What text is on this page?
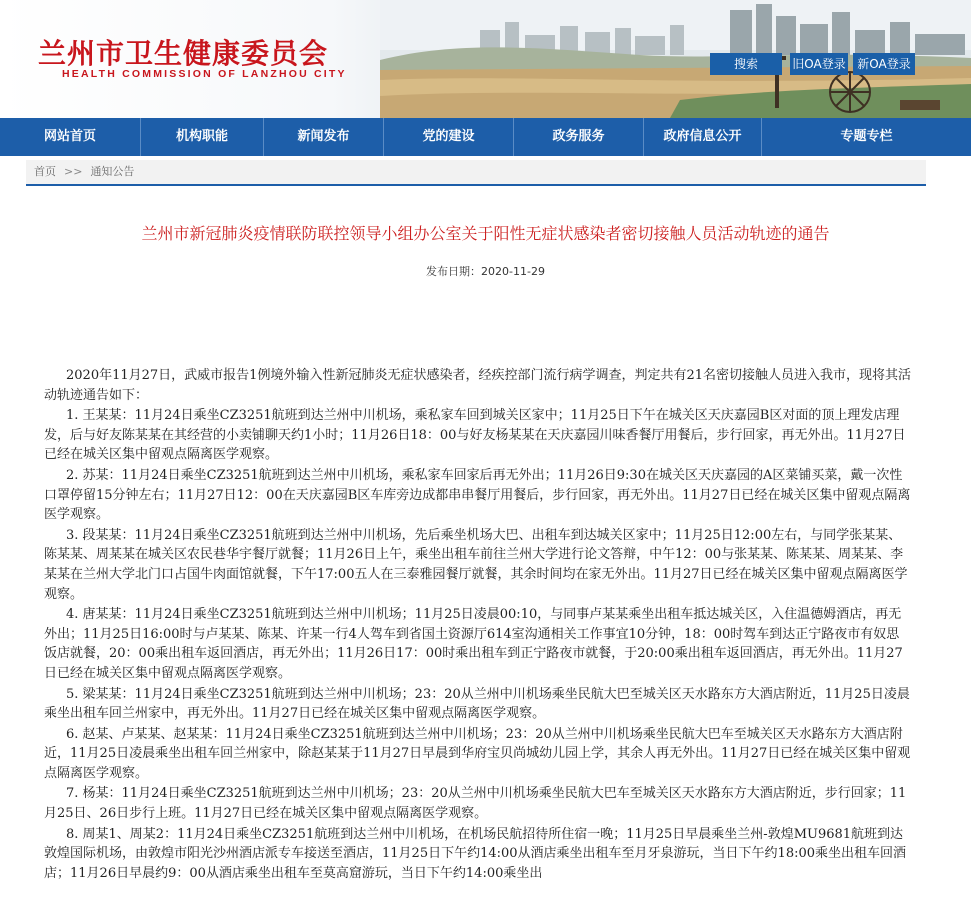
兰州市卫生健康委员会
HEALTH COMMISSION OF LANZHOU CITY
搜索	旧OA登录 新OA登录
网站首页	机构职能	新闻发布	党的建设	政务服务	政府信息公开	专题专栏
首页 >> 通知公告
兰州市新冠肺炎疫情联防联控领导小组办公室关于阳性无症状感染者密切接触人员活动轨迹的通告
发布日期：2020-11-29

2020年11月27日，武威市报告1例境外输入性新冠肺炎无症状感染者，经疾控部门流行病学调查，判定共有21名密切接触人员进入我市，现将其活动轨迹通告如下：

1. 王某某：11月24日乘坐CZ3251航班到达兰州中川机场，乘私家车回到城关区家中；11月25日下午在城关区天庆嘉园B区对面的顶上理发店理发，后与好友陈某某在其经营的小卖铺聊天约1小时；11月26日18：00与好友杨某某在天庆嘉园川味香餐厅用餐后，步行回家，再无外出。11月27日已经在城关区集中留观点隔离医学观察。

2. 苏某：11月24日乘坐CZ3251航班到达兰州中川机场，乘私家车回家后再无外出；11月26日9:30在城关区天庆嘉园的A区菜铺买菜，戴一次性口罩停留15分钟左右；11月27日12：00在天庆嘉园B区车库旁边成都串串餐厅用餐后，步行回家，再无外出。11月27日已经在城关区集中留观点隔离医学观察。

3. 段某某：11月24日乘坐CZ3251航班到达兰州中川机场，先后乘坐机场大巴、出租车到达城关区家中；11月25日12:00左右，与同学张某某、陈某某、周某某在城关区农民巷华宇餐厅就餐；11月26日上午，乘坐出租车前往兰州大学进行论文答辩，中午12：00与张某某、陈某某、周某某、李某某在兰州大学北门口占国牛肉面馆就餐，下午17:00五人在三泰雅园餐厅就餐，其余时间均在家无外出。11月27日已经在城关区集中留观点隔离医学观察。

4. 唐某某：11月24日乘坐CZ3251航班到达兰州中川机场；11月25日凌晨00:10，与同事卢某某乘坐出租车抵达城关区，入住温德姆酒店，再无外出；11月25日16:00时与卢某某、陈某、许某一行4人驾车到省国土资源厅614室沟通相关工作事宜10分钟，18：00时驾车到达正宁路夜市有奴思饭店就餐，20：00乘出租车返回酒店，再无外出；11月26日17：00时乘出租车到正宁路夜市就餐，于20:00乘出租车返回酒店，再无外出。11月27日已经在城关区集中留观点隔离医学观察。

5. 梁某某：11月24日乘坐CZ3251航班到达兰州中川机场；23：20从兰州中川机场乘坐民航大巴至城关区天水路东方大酒店附近，11月25日凌晨乘坐出租车回兰州家中，再无外出。11月27日已经在城关区集中留观点隔离医学观察。

6. 赵某、卢某某、赵某某：11月24日乘坐CZ3251航班到达兰州中川机场；23：20从兰州中川机场乘坐民航大巴车至城关区天水路东方大酒店附近，11月25日凌晨乘坐出租车回兰州家中，除赵某某于11月27日早晨到华府宝贝尚城幼儿园上学，其余人再无外出。11月27日已经在城关区集中留观点隔离医学观察。

7. 杨某：11月24日乘坐CZ3251航班到达兰州中川机场；23：20从兰州中川机场乘坐民航大巴车至城关区天水路东方大酒店附近，步行回家；11月25日、26日步行上班。11月27日已经在城关区集中留观点隔离医学观察。

8. 周某1、周某2：11月24日乘坐CZ3251航班到达兰州中川机场，在机场民航招待所住宿一晚；11月25日早晨乘坐兰州-敦煌MU9681航班到达敦煌国际机场，由敦煌市阳光沙州酒店派专车接送至酒店，11月25日下午约14:00从酒店乘坐出租车至月牙泉游玩，当日下午约18:00乘坐出租车回酒店；11月26日早晨约9：00从酒店乘坐出租车至莫高窟游玩，当日下午约14:00乘坐出
